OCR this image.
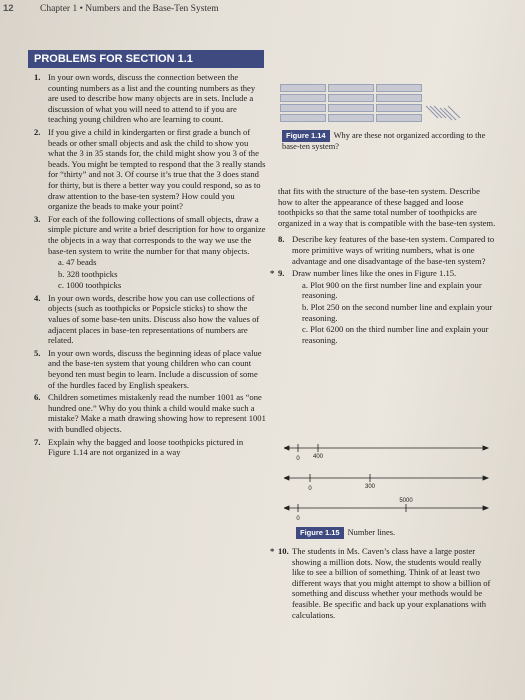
12	Chapter 1 • Numbers and the Base-Ten System
PROBLEMS FOR SECTION 1.1
1. In your own words, discuss the connection between the counting numbers as a list and the counting numbers as they are used to describe how many objects are in sets. Include a discussion of what you will need to attend to if you are teaching young children who are learning to count.
2. If you give a child in kindergarten or first grade a bunch of beads or other small objects and ask the child to show you what the 3 in 35 stands for, the child might show you 3 of the beads. You might be tempted to respond that the 3 really stands for “thirty” and not 3. Of course it’s true that the 3 does stand for thirty, but is there a better way you could respond, so as to draw attention to the base-ten system? How could you organize the beads to make your point?
3. For each of the following collections of small objects, draw a simple picture and write a brief description for how to organize the objects in a way that corresponds to the way we use the base-ten system to write the number for that many objects.
a. 47 beads
b. 328 toothpicks
c. 1000 toothpicks
4. In your own words, describe how you can use collections of objects (such as toothpicks or Popsicle sticks) to show the values of some base-ten units. Discuss also how the values of adjacent places in base-ten representations of numbers are related.
5. In your own words, discuss the beginning ideas of place value and the base-ten system that young children who can count beyond ten must begin to learn. Include a discussion of some of the hurdles faced by English speakers.
6. Children sometimes mistakenly read the number 1001 as “one hundred one.” Why do you think a child would make such a mistake? Make a math drawing showing how to represent 1001 with bundled objects.
7. Explain why the bagged and loose toothpicks pictured in Figure 1.14 are not organized in a way
Figure 1.14 Why are these not organized according to the base-ten system?
that fits with the structure of the base-ten system. Describe how to alter the appearance of these bagged and loose toothpicks so that the same total number of toothpicks are organized in a way that is compatible with the base-ten system.
8. Describe key features of the base-ten system. Compared to more primitive ways of writing numbers, what is one advantage and one disadvantage of the base-ten system?
* 9. Draw number lines like the ones in Figure 1.15.
a. Plot 900 on the first number line and explain your reasoning.
b. Plot 250 on the second number line and explain your reasoning.
c. Plot 6200 on the third number line and explain your reasoning.
0 400
0	300
0
5000
Figure 1.15 Number lines.
* 10. The students in Ms. Caven’s class have a large poster showing a million dots. Now, the students would really like to see a billion of something. Think of at least two different ways that you might attempt to show a billion of something and discuss whether your methods would be feasible. Be specific and back up your explanations with calculations.
